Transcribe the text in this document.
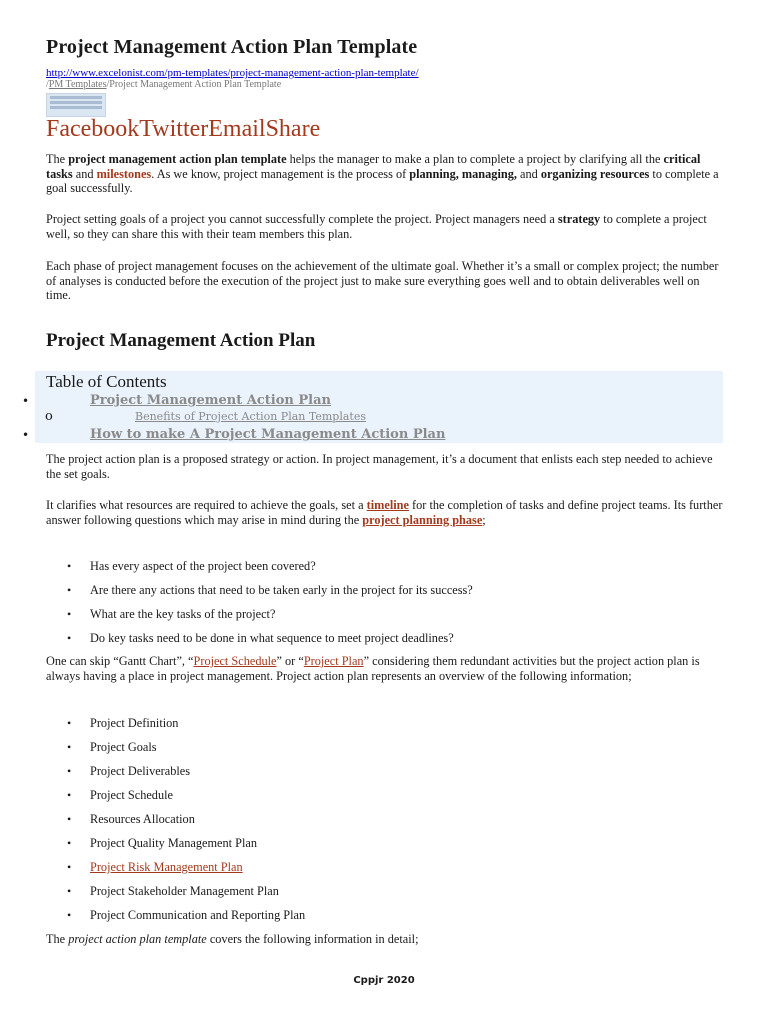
Project Management Action Plan Template
http://www.excelonist.com/pm-templates/project-management-action-plan-template/
/PM Templates/Project Management Action Plan Template
FacebookTwitterEmailShare
The project management action plan template helps the manager to make a plan to complete a project by clarifying all the critical tasks and milestones. As we know, project management is the process of planning, managing, and organizing resources to complete a goal successfully.
Project setting goals of a project you cannot successfully complete the project. Project managers need a strategy to complete a project well, so they can share this with their team members this plan.
Each phase of project management focuses on the achievement of the ultimate goal. Whether it’s a small or complex project; the number of analyses is conducted before the execution of the project just to make sure everything goes well and to obtain deliverables well on time.
Project Management Action Plan
Table of Contents
•	Project Management Action Plan
o	Benefits of Project Action Plan Templates
•	How to make A Project Management Action Plan
The project action plan is a proposed strategy or action. In project management, it’s a document that enlists each step needed to achieve the set goals.
It clarifies what resources are required to achieve the goals, set a timeline for the completion of tasks and define project teams. Its further answer following questions which may arise in mind during the project planning phase;
• Has every aspect of the project been covered?
• Are there any actions that need to be taken early in the project for its success?
• What are the key tasks of the project?
• Do key tasks need to be done in what sequence to meet project deadlines?
One can skip “Gantt Chart”, “Project Schedule” or “Project Plan” considering them redundant activities but the project action plan is always having a place in project management. Project action plan represents an overview of the following information;
• Project Definition
• Project Goals
• Project Deliverables
• Project Schedule
• Resources Allocation
• Project Quality Management Plan
• Project Risk Management Plan
• Project Stakeholder Management Plan
• Project Communication and Reporting Plan
The project action plan template covers the following information in detail;
Cppjr 2020
